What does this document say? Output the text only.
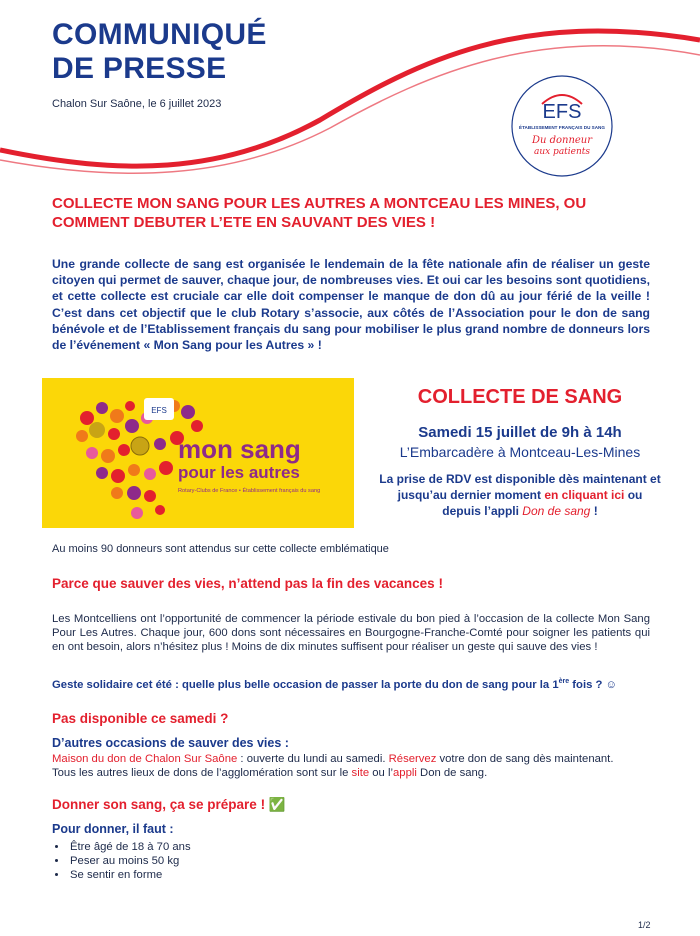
COMMUNIQUÉ
DE PRESSE
Chalon Sur Saône, le 6 juillet 2023	EFS
ÉTABLISSEMENT FRANÇAIS DU SANG
Du donneur
aux patients
COLLECTE MON SANG POUR LES AUTRES A MONTCEAU LES MINES, OU COMMENT DEBUTER L’ETE EN SAUVANT DES VIES !
Une grande collecte de sang est organisée le lendemain de la fête nationale afin de réaliser un geste citoyen qui permet de sauver, chaque jour, de nombreuses vies. Et oui car les besoins sont quotidiens, et cette collecte est cruciale car elle doit compenser le manque de don dû au jour férié de la veille ! C’est dans cet objectif que le club Rotary s’associe, aux côtés de l’Association pour le don de sang bénévole et de l’Etablissement français du sang pour mobiliser le plus grand nombre de donneurs lors de l’événement « Mon Sang pour les Autres » !
EFS
mon sang
pour les autres
Rotary-Clubs de France • Établissement français du sang
COLLECTE DE SANG
Samedi 15 juillet de 9h à 14h
L’Embarcadère à Montceau-Les-Mines
La prise de RDV est disponible dès maintenant et jusqu’au dernier moment en cliquant ici ou depuis l’appli Don de sang !
Au moins 90 donneurs sont attendus sur cette collecte emblématique
Parce que sauver des vies, n’attend pas la fin des vacances !
Les Montcelliens ont l’opportunité de commencer la période estivale du bon pied à l’occasion de la collecte Mon Sang Pour Les Autres. Chaque jour, 600 dons sont nécessaires en Bourgogne-Franche-Comté pour soigner les patients qui en ont besoin, alors n’hésitez plus ! Moins de dix minutes suffisent pour réaliser un geste qui sauve des vies !
Geste solidaire cet été : quelle plus belle occasion de passer la porte du don de sang pour la 1ère fois ? ☺
Pas disponible ce samedi ?
D’autres occasions de sauver des vies :
Maison du don de Chalon Sur Saône : ouverte du lundi au samedi. Réservez votre don de sang dès maintenant.
Tous les autres lieux de dons de l’agglomération sont sur le site ou l’appli Don de sang.
Donner son sang, ça se prépare ! ✅
Pour donner, il faut :
• Être âgé de 18 à 70 ans
• Peser au moins 50 kg
• Se sentir en forme
1/2
